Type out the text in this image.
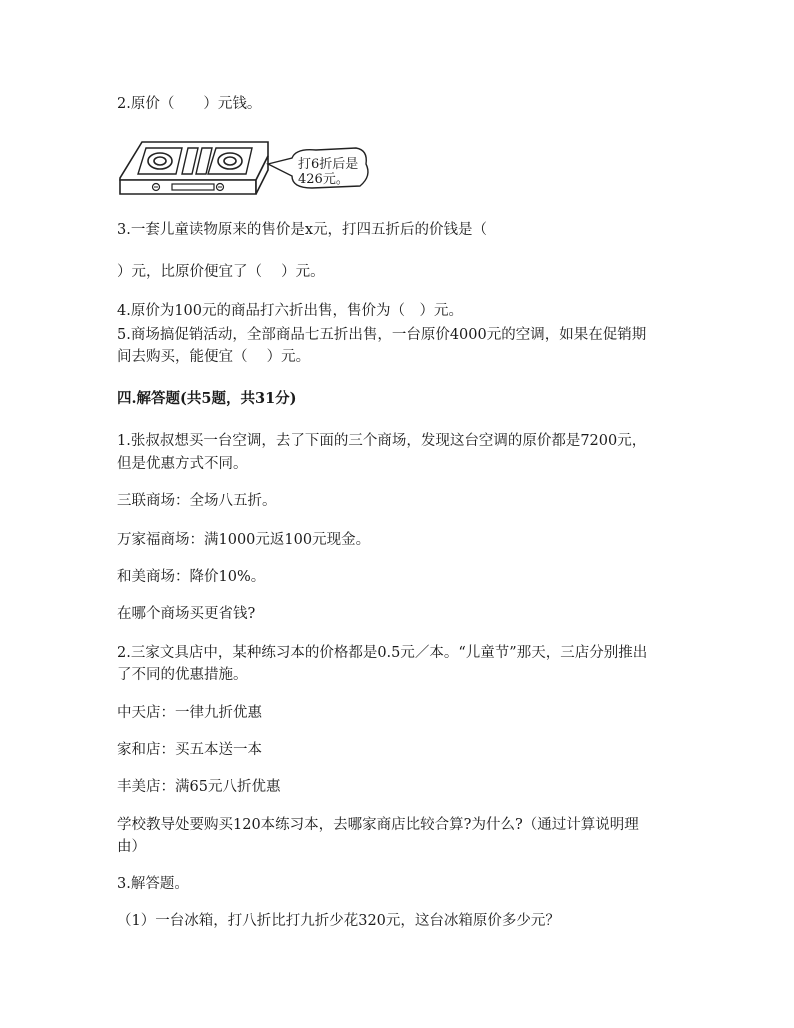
2.原价（　　）元钱。
打6折后是
426元。
3.一套儿童读物原来的售价是x元，打四五折后的价钱是（
）元，比原价便宜了（　 ）元。
4.原价为100元的商品打六折出售，售价为（　）元。
5.商场搞促销活动，全部商品七五折出售，一台原价4000元的空调，如果在促销期
间去购买，能便宜（　 ）元。
四.解答题(共5题，共31分)
1.张叔叔想买一台空调，去了下面的三个商场，发现这台空调的原价都是7200元，
但是优惠方式不同。
三联商场：全场八五折。
万家福商场：满1000元返100元现金。
和美商场：降价10%。
在哪个商场买更省钱?
2.三家文具店中，某种练习本的价格都是0.5元／本。“儿童节”那天，三店分别推出
了不同的优惠措施。
中天店：一律九折优惠
家和店：买五本送一本
丰美店：满65元八折优惠
学校教导处要购买120本练习本，去哪家商店比较合算?为什么?（通过计算说明理
由）
3.解答题。
（1）一台冰箱，打八折比打九折少花320元，这台冰箱原价多少元？
